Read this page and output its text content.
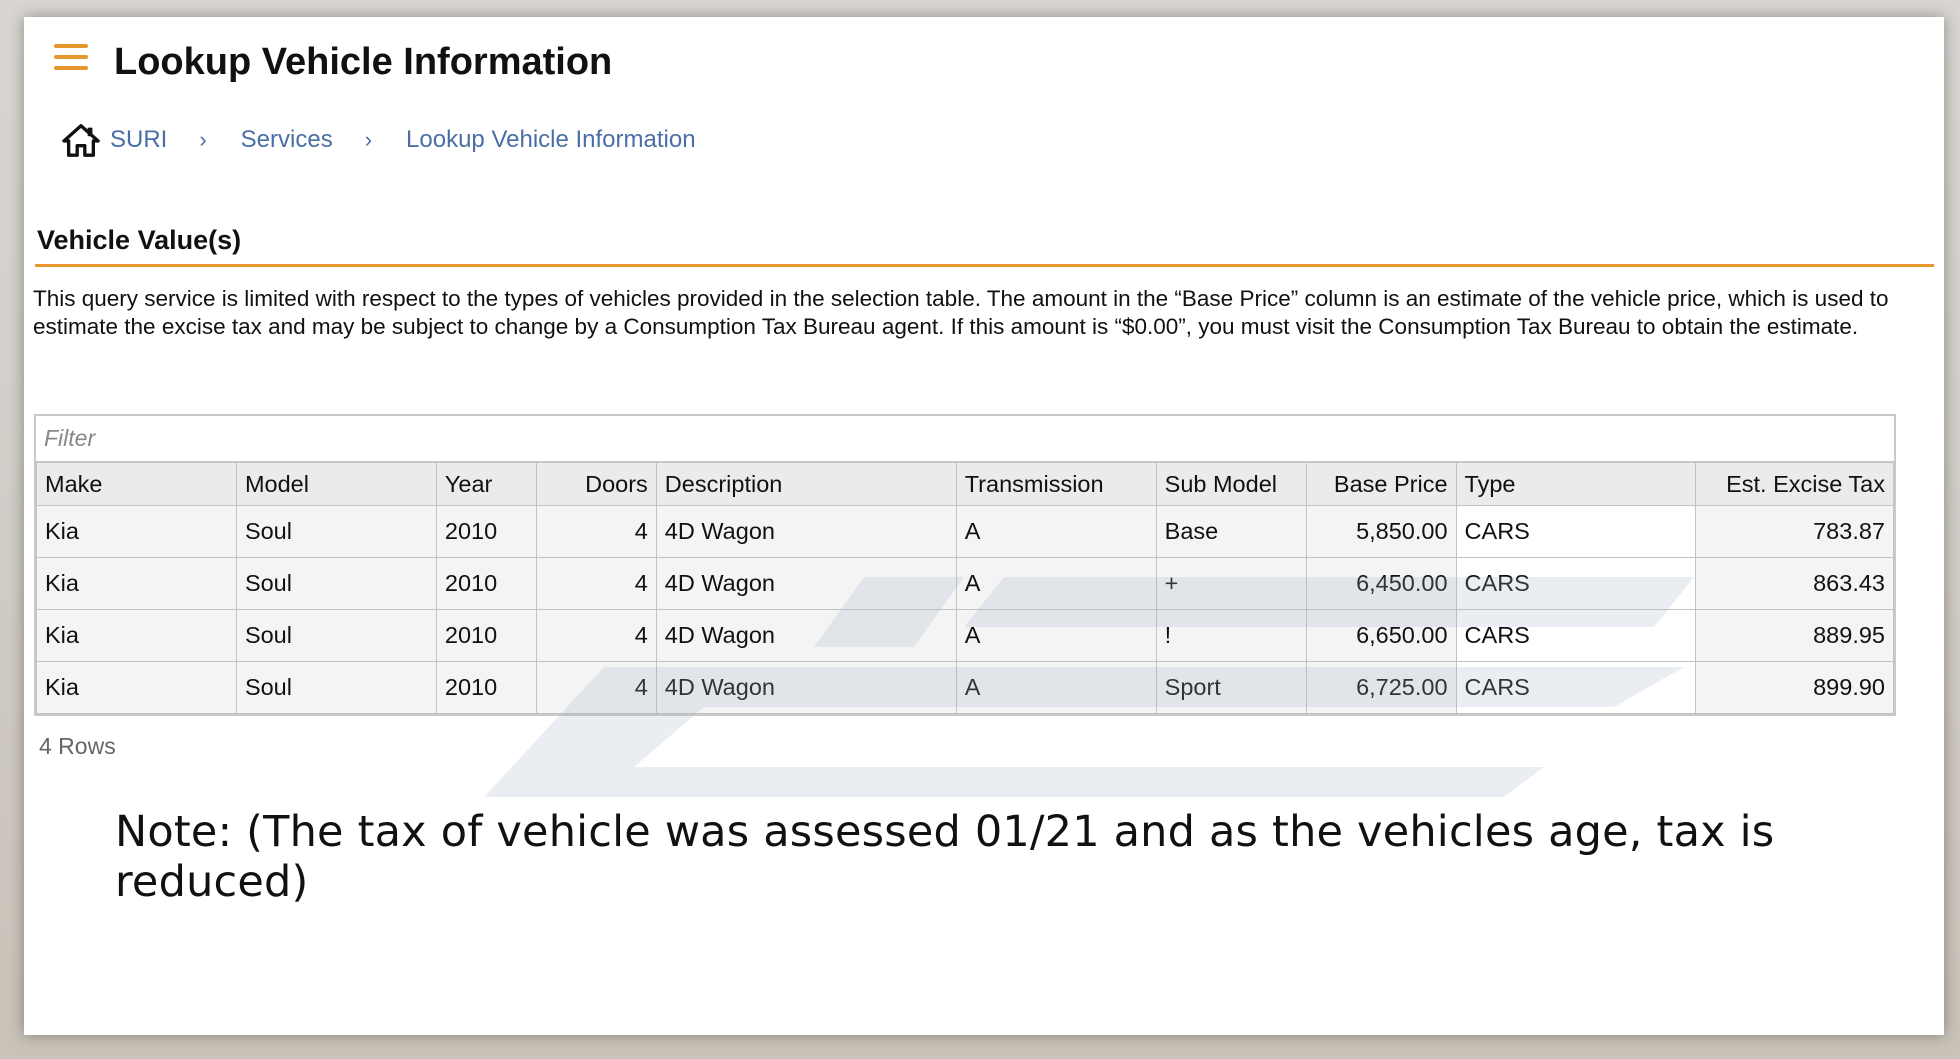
Lookup Vehicle Information
SURI › Services › Lookup Vehicle Information
Vehicle Value(s)
This query service is limited with respect to the types of vehicles provided in the selection table. The amount in the “Base Price” column is an estimate of the vehicle price, which is used to estimate the excise tax and may be subject to change by a Consumption Tax Bureau agent. If this amount is “$0.00”, you must visit the Consumption Tax Bureau to obtain the estimate.
Filter
Make	Model	Year	Doors	Description	Transmission	Sub Model	Base Price	Type	Est. Excise Tax
Kia	Soul	2010	4	4D Wagon	A	Base	5,850.00	CARS	783.87
Kia	Soul	2010	4	4D Wagon	A	+	6,450.00	CARS	863.43
Kia	Soul	2010	4	4D Wagon	A	!	6,650.00	CARS	889.95
Kia	Soul	2010	4	4D Wagon	A	Sport	6,725.00	CARS	899.90
4 Rows
Note: (The tax of vehicle was assessed 01/21 and as the vehicles age, tax is reduced)
